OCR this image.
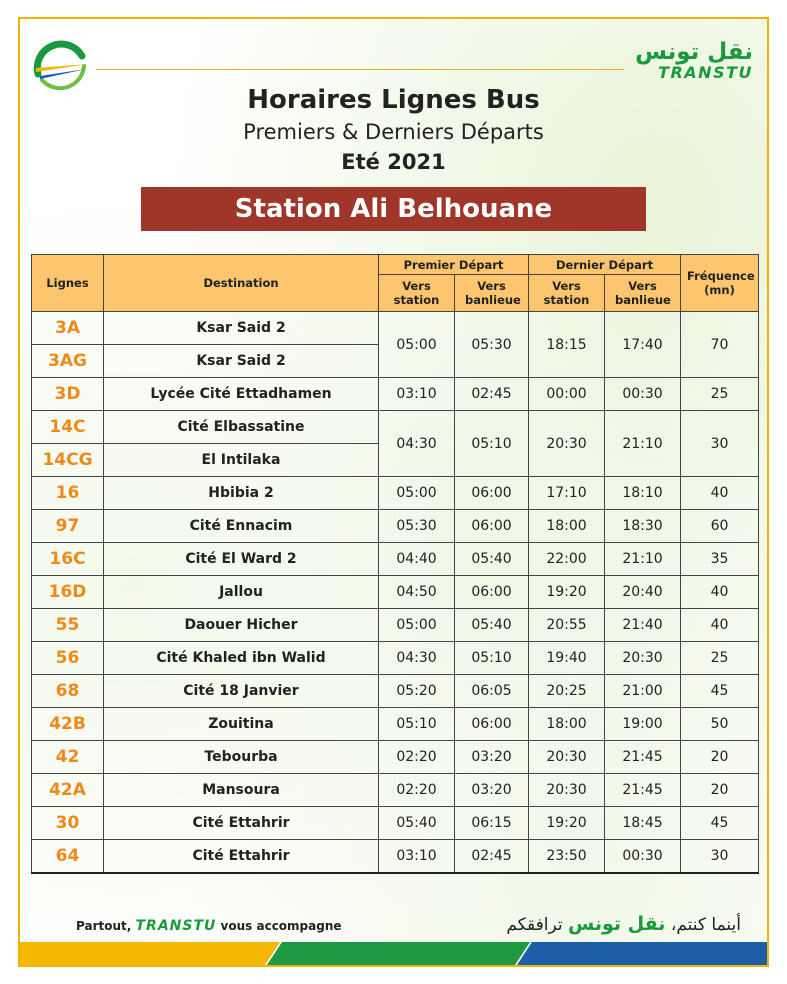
نقل تونس
TRANSTU
Horaires Lignes Bus
Premiers & Derniers Départs
Eté 2021
Station Ali Belhouane
Lignes	Destination	Premier Départ		Dernier Départ		Fréquence (mn)
		Vers station	Vers banlieue	Vers station	Vers banlieue	
3A	Ksar Said 2	05:00	05:30	18:15	17:40	70
3AG	Ksar Said 2					
3D	Lycée Cité Ettadhamen	03:10	02:45	00:00	00:30	25
14C	Cité Elbassatine	04:30	05:10	20:30	21:10	30
14CG	El Intilaka					
16	Hbibia 2	05:00	06:00	17:10	18:10	40
97	Cité Ennacim	05:30	06:00	18:00	18:30	60
16C	Cité El Ward 2	04:40	05:40	22:00	21:10	35
16D	Jallou	04:50	06:00	19:20	20:40	40
55	Daouer Hicher	05:00	05:40	20:55	21:40	40
56	Cité Khaled ibn Walid	04:30	05:10	19:40	20:30	25
68	Cité 18 Janvier	05:20	06:05	20:25	21:00	45
42B	Zouitina	05:10	06:00	18:00	19:00	50
42	Tebourba	02:20	03:20	20:30	21:45	20
42A	Mansoura	02:20	03:20	20:30	21:45	20
30	Cité Ettahrir	05:40	06:15	19:20	18:45	45
64	Cité Ettahrir	03:10	02:45	23:50	00:30	30
Partout, TRANSTU vous accompagne	أينما كنتم، نقل تونس ترافقكم
